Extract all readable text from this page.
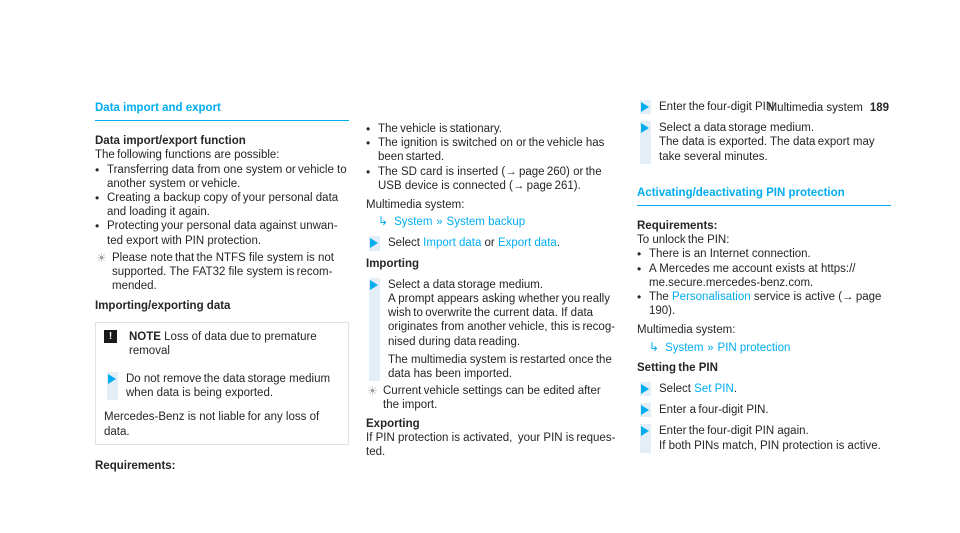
Multimedia system 189
Data import and export

Data import/export function

The following functions are possible:

• Transferring data from one system or vehicle to another system or vehicle.
• Creating a backup copy of your personal data and loading it again.
• Protecting your personal data against unwan-ted export with PIN protection.
☀ Please note that the NTFS file system is not supported. The FAT32 file system is recom-mended.

Importing/exporting data

!	NOTE Loss of data due to premature removal

Do not remove the data storage medium when data is being exported.

Mercedes-Benz is not liable for any loss of data.

Requirements:

• The vehicle is stationary.
• The ignition is switched on or the vehicle has been started.
• The SD card is inserted (→ page 260) or the USB device is connected (→ page 261).

Multimedia system:

↳ System » System backup

Select Import data or Export data.

Importing

Select a data storage medium.

A prompt appears asking whether you really wish to overwrite the current data. If data originates from another vehicle, this is recog-nised during data reading.

The multimedia system is restarted once the data has been imported.

☀ Current vehicle settings can be edited after the import.

Exporting

If PIN protection is activated,  your PIN is reques-ted.

Enter the four-digit PIN.

Select a data storage medium.

The data is exported. The data export may take several minutes.

Activating/deactivating PIN protection

Requirements:

To unlock the PIN:

• There is an Internet connection.
• A Mercedes me account exists at https:// me.secure.mercedes-benz.com.
• The Personalisation service is active (→ page 190).

Multimedia system:

↳ System » PIN protection

Setting the PIN

Select Set PIN.

Enter a four-digit PIN.

Enter the four-digit PIN again.

If both PINs match, PIN protection is active.
